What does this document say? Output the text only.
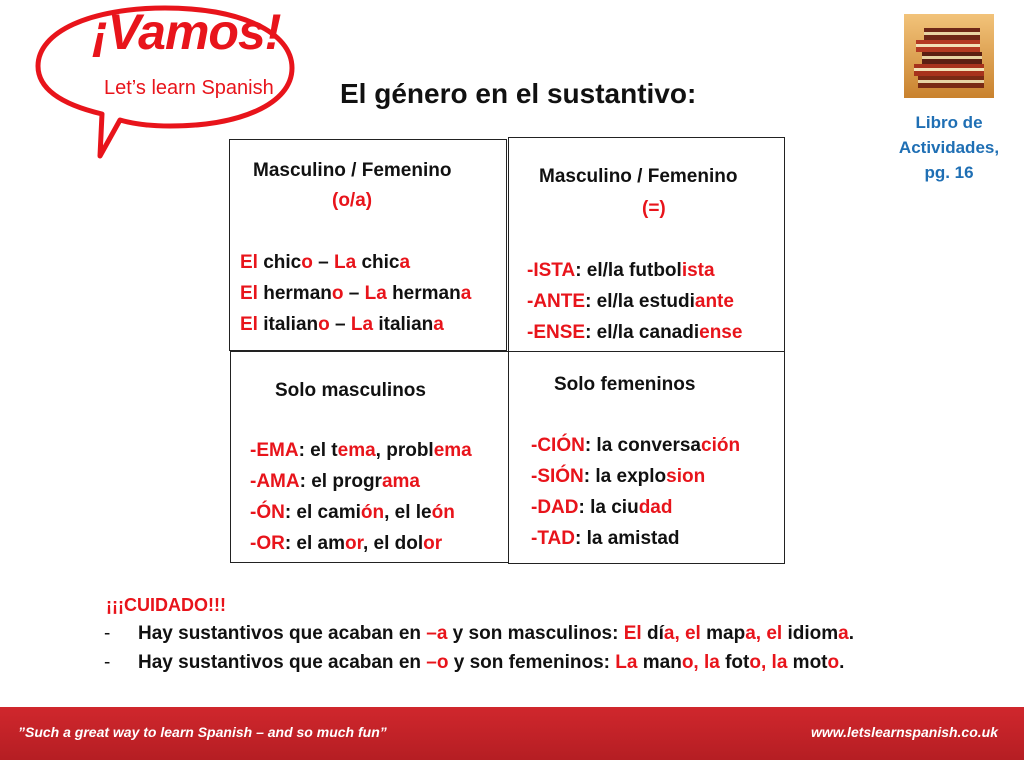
¡Vamos!
Let’s learn Spanish	El género en el sustantivo:
Libro de
Actividades,
pg. 16
Masculino / Femenino
(o/a)
El chico – La chica
El hermano – La hermana
El italiano – La italiana
Masculino / Femenino
(=)
-ISTA: el/la futbolista
-ANTE: el/la estudiante
-ENSE: el/la canadiense
Solo masculinos
-EMA: el tema, problema
-AMA: el programa
-ÓN: el camión, el león
-OR: el amor, el dolor
Solo femeninos
-CIÓN: la conversación
-SIÓN: la explosion
-DAD: la ciudad
-TAD: la amistad
¡¡¡CUIDADO!!!
- Hay sustantivos que acaban en –a y son masculinos: El día, el mapa, el idioma.
- Hay sustantivos que acaban en –o y son femeninos: La mano, la foto, la moto.
”Such a great way to learn Spanish – and so much fun”	www.letslearnspanish.co.uk
